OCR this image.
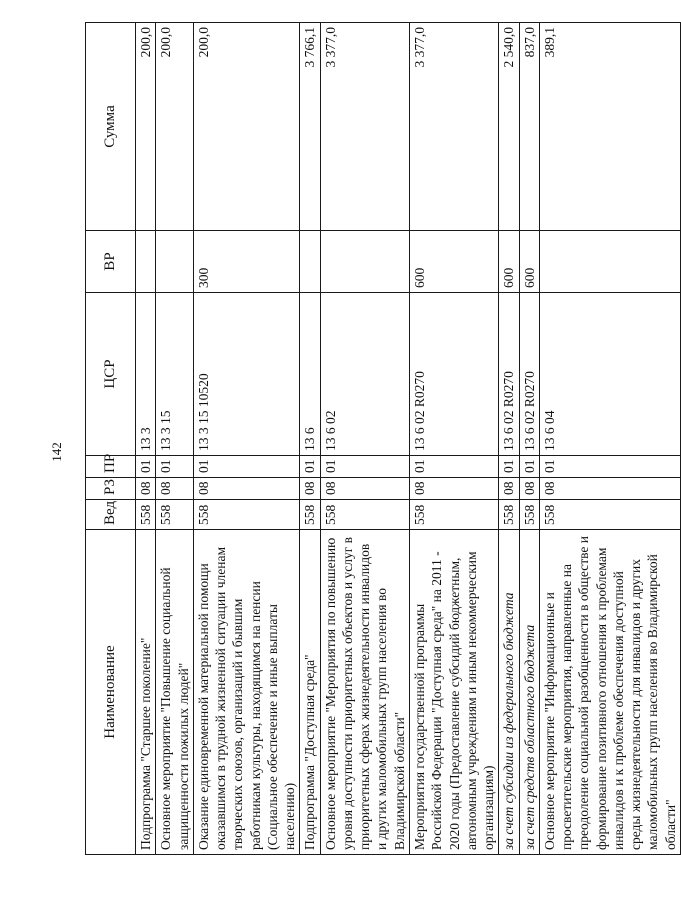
142
Наименование	Вед	РЗ	ПР	ЦСР	ВР	Сумма
Подпрограмма "Старшее поколение"	558	08	01	13 3		200,0
Основное мероприятие "Повышение социальной защищенности пожилых людей"	558	08	01	13 3 15		200,0
Оказание единовременной материальной помощи оказавшимся в трудной жизненной ситуации членам творческих союзов, организаций и бывшим работникам культуры, находящимся на пенсии (Социальное обеспечение и иные выплаты населению)	558	08	01	13 3 15 10520	300	200,0
Подпрограмма "Доступная среда"	558	08	01	13 6		3 766,1
Основное мероприятие "Мероприятия по повышению уровня доступности приоритетных объектов и услуг в приоритетных сферах жизнедеятельности инвалидов и других маломобильных групп населения во Владимирской области"	558	08	01	13 6 02		3 377,0
Мероприятия государственной программы Российской Федерации "Доступная среда" на 2011 - 2020 годы (Предоставление субсидий бюджетным, автономным учреждениям и иным некоммерческим организациям)	558	08	01	13 6 02 R0270	600	3 377,0
за счет субсидии из федерального бюджета	558	08	01	13 6 02 R0270	600	2 540,0
за счет средств областного бюджета	558	08	01	13 6 02 R0270	600	837,0
Основное мероприятие "Информационные и просветительские мероприятия, направленные на преодоление социальной разобщенности в обществе и формирование позитивного отношения к проблемам инвалидов и к проблеме обеспечения доступной среды жизнедеятельности для инвалидов и других маломобильных групп населения во Владимирской области"	558	08	01	13 6 04		389,1
